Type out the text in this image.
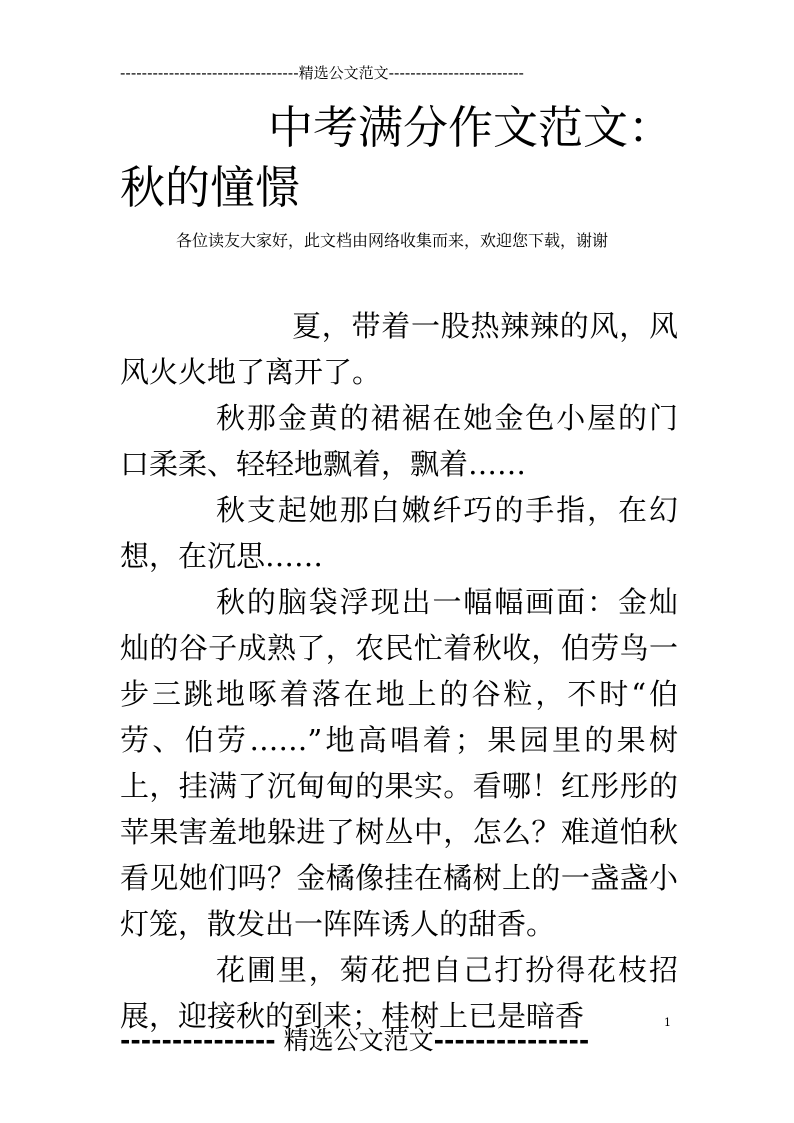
---------------------------------精选公文范文-------------------------
中考满分作文范文：
秋的憧憬
各位读友大家好，此文档由网络收集而来，欢迎您下载，谢谢

夏，带着一股热辣辣的风，风风火火地了离开了。

秋那金黄的裙裾在她金色小屋的门口柔柔、轻轻地飘着，飘着……

秋支起她那白嫩纤巧的手指，在幻想，在沉思……

秋的脑袋浮现出一幅幅画面：金灿灿的谷子成熟了，农民忙着秋收，伯劳鸟一步三跳地啄着落在地上的谷粒，不时“伯劳、伯劳……”地高唱着；果园里的果树上，挂满了沉甸甸的果实。看哪！红彤彤的苹果害羞地躲进了树丛中，怎么？难道怕秋看见她们吗？金橘像挂在橘树上的一盏盏小灯笼，散发出一阵阵诱人的甜香。

花圃里，菊花把自己打扮得花枝招展，迎接秋的到来；桂树上已是暗香	1
--------------- 精选公文范文---------------
